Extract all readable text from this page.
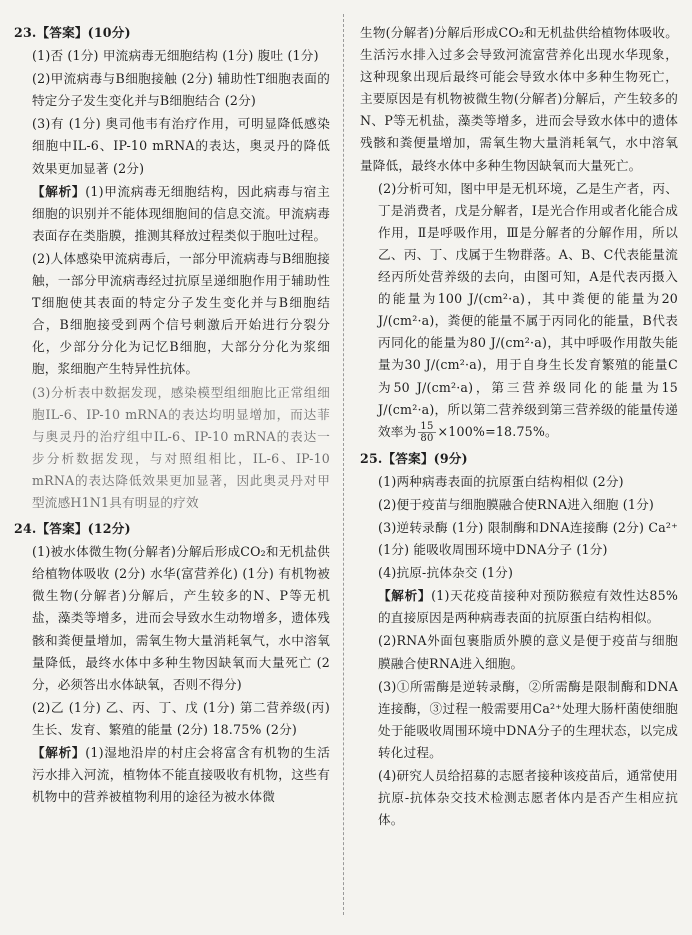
23.【答案】(10分)

(1)否 (1分) 甲流病毒无细胞结构 (1分) 腹吐 (1分)

(2)甲流病毒与B细胞接触 (2分) 辅助性T细胞表面的特定分子发生变化并与B细胞结合 (2分)

(3)有 (1分) 奥司他韦有治疗作用，可明显降低感染细胞中IL-6、IP-10 mRNA的表达，奥灵丹的降低效果更加显著 (2分)

【解析】(1)甲流病毒无细胞结构，因此病毒与宿主细胞的识别并不能体现细胞间的信息交流。甲流病毒表面存在类脂膜，推测其释放过程类似于胞吐过程。

(2)人体感染甲流病毒后，一部分甲流病毒与B细胞接触，一部分甲流病毒经过抗原呈递细胞作用于辅助性T细胞使其表面的特定分子发生变化并与B细胞结合，B细胞接受到两个信号刺激后开始进行分裂分化，少部分分化为记忆B细胞，大部分分化为浆细胞，浆细胞产生特异性抗体。

(3)分析表中数据发现，感染模型组细胞比正常组细胞IL-6、IP-10 mRNA的表达均明显增加，而达菲与奥灵丹的治疗组中IL-6、IP-10 mRNA的表达一步分析数据发现，与对照组相比，IL-6、IP-10 mRNA的表达降低效果更加显著，因此奥灵丹对甲型流感H1N1具有明显的疗效

24.【答案】(12分)

(1)被水体微生物(分解者)分解后形成CO₂和无机盐供给植物体吸收 (2分) 水华(富营养化) (1分) 有机物被微生物(分解者)分解后，产生较多的N、P等无机盐，藻类等增多，进而会导致水生动物增多，遗体残骸和粪便量增加，需氧生物大量消耗氧气，水中溶氧量降低，最终水体中多种生物因缺氧而大量死亡 (2分，必须答出水体缺氧，否则不得分)

(2)乙 (1分) 乙、丙、丁、戊 (1分) 第二营养级(丙)生长、发育、繁殖的能量 (2分) 18.75% (2分)

【解析】(1)湿地沿岸的村庄会将富含有机物的生活污水排入河流，植物体不能直接吸收有机物，这些有机物中的营养被植物利用的途径为被水体微

生物(分解者)分解后形成CO₂和无机盐供给植物体吸收。生活污水排入过多会导致河流富营养化出现水华现象，这种现象出现后最终可能会导致水体中多种生物死亡，主要原因是有机物被微生物(分解者)分解后，产生较多的N、P等无机盐，藻类等增多，进而会导致水体中的遗体残骸和粪便量增加，需氧生物大量消耗氧气，水中溶氧量降低，最终水体中多种生物因缺氧而大量死亡。

(2)分析可知，图中甲是无机环境，乙是生产者，丙、丁是消费者，戊是分解者，Ⅰ是光合作用或者化能合成作用，Ⅱ是呼吸作用，Ⅲ是分解者的分解作用，所以乙、丙、丁、戊属于生物群落。A、B、C代表能量流经丙所处营养级的去向，由图可知，A是代表丙摄入的能量为100 J/(cm²·a)，其中粪便的能量为20 J/(cm²·a)，粪便的能量不属于丙同化的能量，B代表丙同化的能量为80 J/(cm²·a)，其中呼吸作用散失能量为30 J/(cm²·a)，用于自身生长发育繁殖的能量C为50 J/(cm²·a)，第三营养级同化的能量为15 J/(cm²·a)，所以第二营养级到第三营养级的能量传递效率为 $\frac{15}{80} \times 100\%=18.75\%$。

25.【答案】(9分)

(1)两种病毒表面的抗原蛋白结构相似 (2分)

(2)便于疫苗与细胞膜融合使RNA进入细胞 (1分)

(3)逆转录酶 (1分) 限制酶和DNA连接酶 (2分) Ca²⁺ (1分) 能吸收周围环境中DNA分子 (1分)

(4)抗原-抗体杂交 (1分)

【解析】(1)天花疫苗接种对预防猴痘有效性达85%的直接原因是两种病毒表面的抗原蛋白结构相似。

(2)RNA外面包裹脂质外膜的意义是便于疫苗与细胞膜融合使RNA进入细胞。

(3)①所需酶是逆转录酶，②所需酶是限制酶和DNA连接酶，③过程一般需要用Ca²⁺处理大肠杆菌使细胞处于能吸收周围环境中DNA分子的生理状态，以完成转化过程。

(4)研究人员给招募的志愿者接种该疫苗后，通常使用抗原-抗体杂交技术检测志愿者体内是否产生相应抗体。
